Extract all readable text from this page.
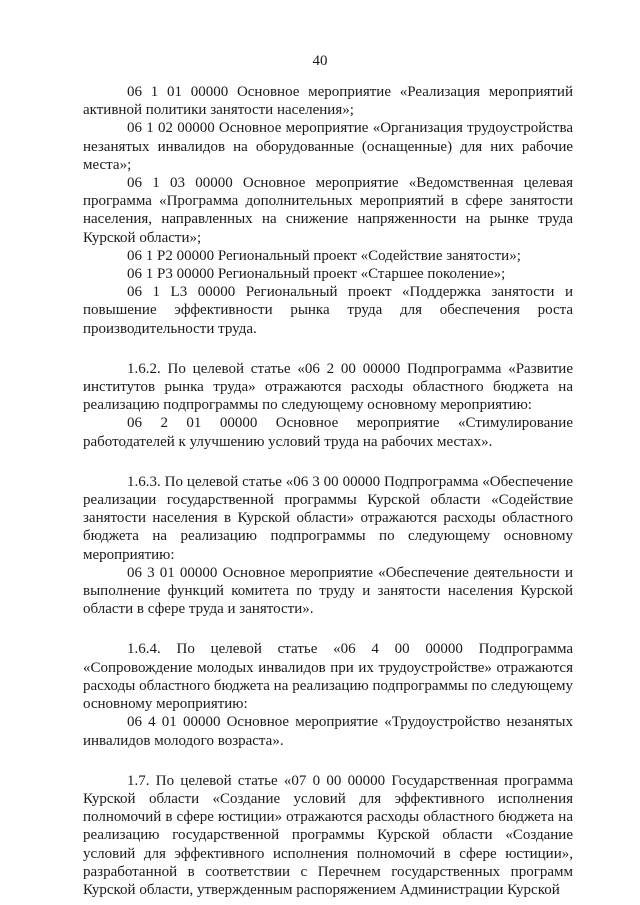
40

06 1 01 00000 Основное мероприятие «Реализация мероприятий активной политики занятости населения»;

06 1 02 00000 Основное мероприятие «Организация трудоустройства незанятых инвалидов на оборудованные (оснащенные) для них рабочие места»;

06 1 03 00000 Основное мероприятие «Ведомственная целевая программа «Программа дополнительных мероприятий в сфере занятости населения, направленных на снижение напряженности на рынке труда Курской области»;

06 1 P2 00000 Региональный проект «Содействие занятости»;

06 1 P3 00000 Региональный проект «Старшее поколение»;

06 1 L3 00000 Региональный проект «Поддержка занятости и повышение эффективности рынка труда для обеспечения роста производительности труда.

1.6.2. По целевой статье «06 2 00 00000 Подпрограмма «Развитие институтов рынка труда» отражаются расходы областного бюджета на реализацию подпрограммы по следующему основному мероприятию:

06 2 01 00000 Основное мероприятие «Стимулирование работодателей к улучшению условий труда на рабочих местах».

1.6.3. По целевой статье «06 3 00 00000 Подпрограмма «Обеспечение реализации государственной программы Курской области «Содействие занятости населения в Курской области» отражаются расходы областного бюджета на реализацию подпрограммы по следующему основному мероприятию:

06 3 01 00000 Основное мероприятие «Обеспечение деятельности и выполнение функций комитета по труду и занятости населения Курской области в сфере труда и занятости».

1.6.4. По целевой статье «06 4 00 00000 Подпрограмма «Сопровождение молодых инвалидов при их трудоустройстве» отражаются расходы областного бюджета на реализацию подпрограммы по следующему основному мероприятию:

06 4 01 00000 Основное мероприятие «Трудоустройство незанятых инвалидов молодого возраста».

1.7. По целевой статье «07 0 00 00000 Государственная программа Курской области «Создание условий для эффективного исполнения полномочий в сфере юстиции» отражаются расходы областного бюджета на реализацию государственной программы Курской области «Создание условий для эффективного исполнения полномочий в сфере юстиции», разработанной в соответствии с Перечнем государственных программ Курской области, утвержденным распоряжением Администрации Курской
